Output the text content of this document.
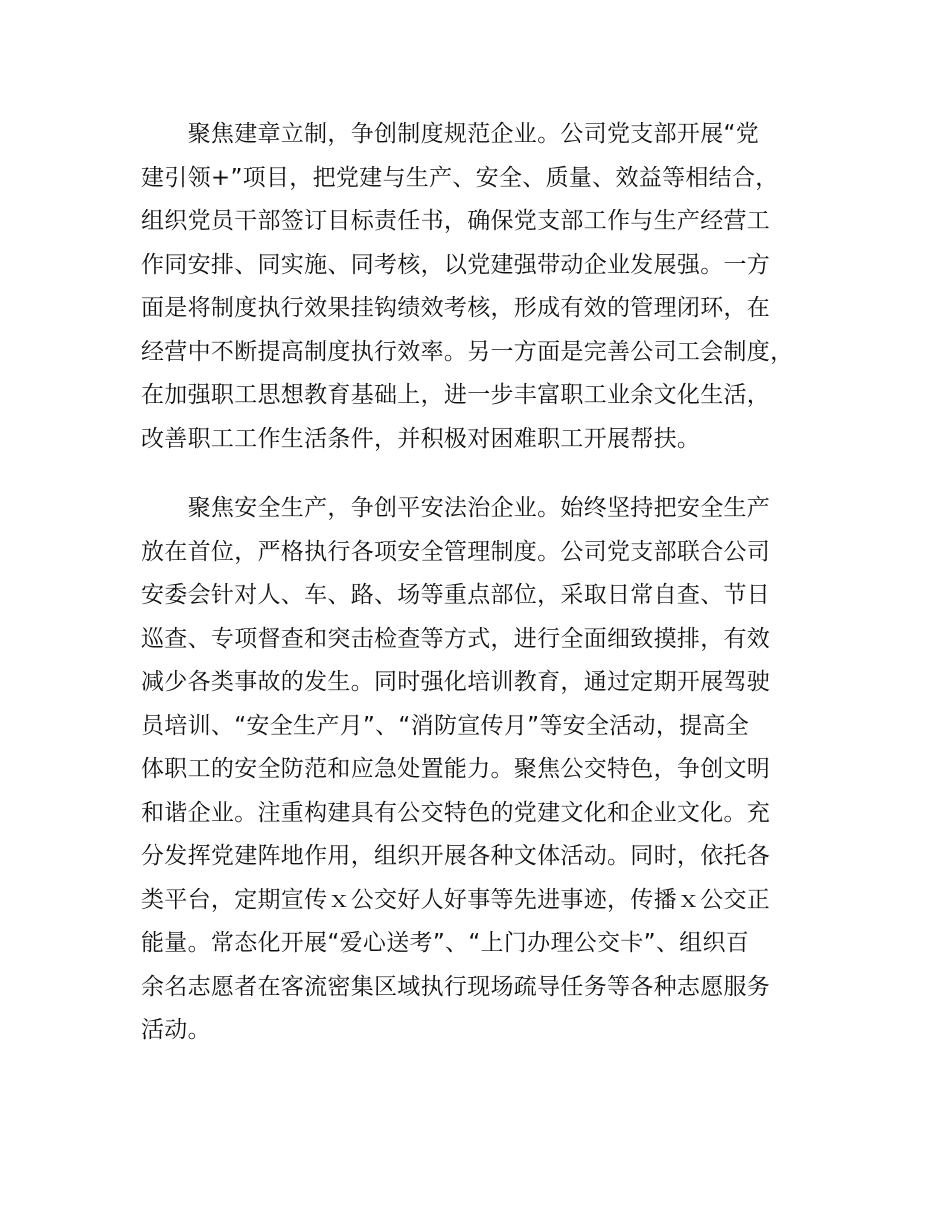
　　聚焦建章立制，争创制度规范企业。公司党支部开展“党
建引领+”项目，把党建与生产、安全、质量、效益等相结合，
组织党员干部签订目标责任书，确保党支部工作与生产经营工
作同安排、同实施、同考核，以党建强带动企业发展强。一方
面是将制度执行效果挂钩绩效考核，形成有效的管理闭环，在
经营中不断提高制度执行效率。另一方面是完善公司工会制度，
在加强职工思想教育基础上，进一步丰富职工业余文化生活，
改善职工工作生活条件，并积极对困难职工开展帮扶。

　　聚焦安全生产，争创平安法治企业。始终坚持把安全生产
放在首位，严格执行各项安全管理制度。公司党支部联合公司
安委会针对人、车、路、场等重点部位，采取日常自查、节日
巡查、专项督查和突击检查等方式，进行全面细致摸排，有效
减少各类事故的发生。同时强化培训教育，通过定期开展驾驶
员培训、“安全生产月”、“消防宣传月”等安全活动，提高全
体职工的安全防范和应急处置能力。聚焦公交特色，争创文明
和谐企业。注重构建具有公交特色的党建文化和企业文化。充
分发挥党建阵地作用，组织开展各种文体活动。同时，依托各
类平台，定期宣传ｘ公交好人好事等先进事迹，传播ｘ公交正
能量。常态化开展“爱心送考”、“上门办理公交卡”、组织百
余名志愿者在客流密集区域执行现场疏导任务等各种志愿服务
活动。
